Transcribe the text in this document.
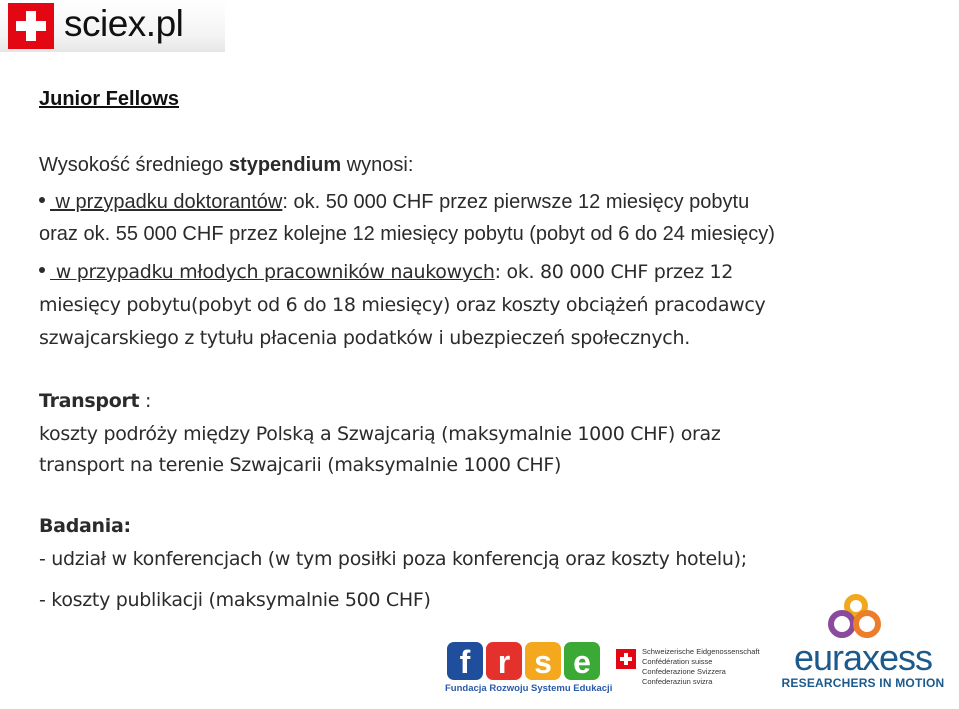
sciex.pl
Junior Fellows
Wysokość średniego stypendium wynosi:
w przypadku doktorantów: ok. 50 000 CHF przez pierwsze 12 miesięcy pobytu
oraz ok. 55 000 CHF przez kolejne 12 miesięcy pobytu (pobyt od 6 do 24 miesięcy)
w przypadku młodych pracowników naukowych: ok. 80 000 CHF przez 12
miesięcy pobytu(pobyt od 6 do 18 miesięcy) oraz koszty obciążeń pracodawcy
szwajcarskiego z tytułu płacenia podatków i ubezpieczeń społecznych.
Transport :
koszty podróży między Polską a Szwajcarią (maksymalnie 1000 CHF) oraz
transport na terenie Szwajcarii (maksymalnie 1000 CHF)
Badania:
- udział w konferencjach (w tym posiłki poza konferencją oraz koszty hotelu);
- koszty publikacji (maksymalnie 500 CHF)
f r s e
Fundacja Rozwoju Systemu Edukacji
Schweizerische Eidgenossenschaft
Confédération suisse
Confederazione Svizzera
Confederaziun svizra
euraxess
RESEARCHERS IN MOTION
